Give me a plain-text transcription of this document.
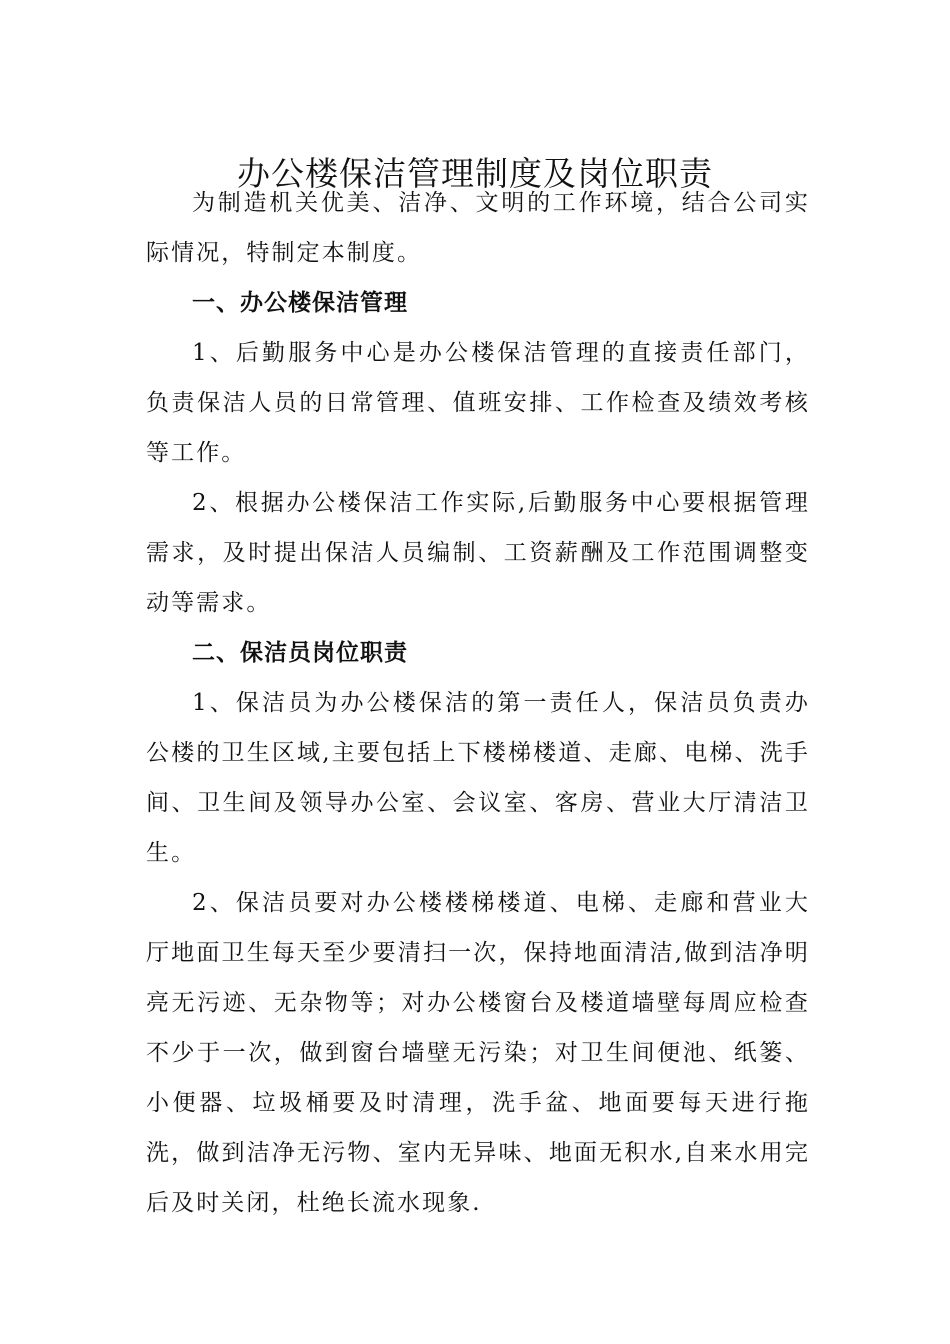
办公楼保洁管理制度及岗位职责

为制造机关优美、洁净、文明的工作环境，结合公司实际情况，特制定本制度。

一、办公楼保洁管理

1、后勤服务中心是办公楼保洁管理的直接责任部门，负责保洁人员的日常管理、值班安排、工作检查及绩效考核等工作。

2、根据办公楼保洁工作实际,后勤服务中心要根据管理需求，及时提出保洁人员编制、工资薪酬及工作范围调整变动等需求。

二、保洁员岗位职责

1、保洁员为办公楼保洁的第一责任人，保洁员负责办公楼的卫生区域,主要包括上下楼梯楼道、走廊、电梯、洗手间、卫生间及领导办公室、会议室、客房、营业大厅清洁卫生。

2、保洁员要对办公楼楼梯楼道、电梯、走廊和营业大厅地面卫生每天至少要清扫一次，保持地面清洁,做到洁净明亮无污迹、无杂物等；对办公楼窗台及楼道墙壁每周应检查不少于一次，做到窗台墙壁无污染；对卫生间便池、纸篓、小便器、垃圾桶要及时清理，洗手盆、地面要每天进行拖洗，做到洁净无污物、室内无异味、地面无积水,自来水用完后及时关闭，杜绝长流水现象.
